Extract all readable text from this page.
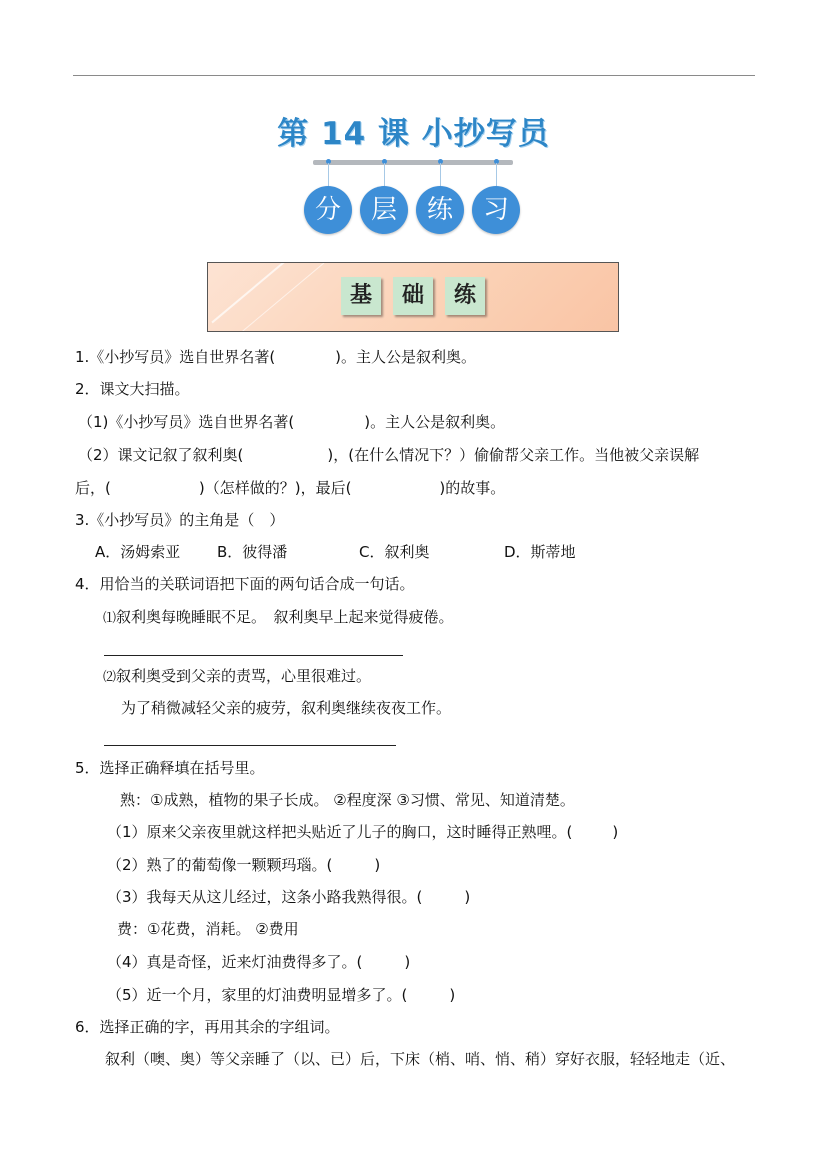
第 14 课 小抄写员
分	层	练	习
基 础 练
1.《小抄写员》选自世界名著(	)。主人公是叙利奥。
2．课文大扫描。
（1)《小抄写员》选自世界名著(	)。主人公是叙利奥。
（2）课文记叙了叙利奥(	)，(在什么情况下？）偷偷帮父亲工作。当他被父亲误解
后，(	)（怎样做的？)，最后(	)的故事。
3.《小抄写员》的主角是（　）
A．汤姆索亚 B．彼得潘	C．叙利奥	D．斯蒂地
4．用恰当的关联词语把下面的两句话合成一句话。
⑴叙利奥每晚睡眠不足。　叙利奥早上起来觉得疲倦。
⑵叙利奥受到父亲的责骂，心里很难过。
为了稍微减轻父亲的疲劳，叙利奥继续夜夜工作。
5．选择正确释填在括号里。
熟：①成熟，植物的果子长成。 ②程度深 ③习惯、常见、知道清楚。
（1）原来父亲夜里就这样把头贴近了儿子的胸口，这时睡得正熟哩。(	)
（2）熟了的葡萄像一颗颗玛瑙。(	)
（3）我每天从这儿经过，这条小路我熟得很。(	)
费：①花费，消耗。 ②费用
（4）真是奇怪，近来灯油费得多了。(	)
（5）近一个月，家里的灯油费明显增多了。(	)
6．选择正确的字，再用其余的字组词。
叙利（噢、奥）等父亲睡了（以、已）后，下床（梢、哨、悄、稍）穿好衣服，轻轻地走（近、
